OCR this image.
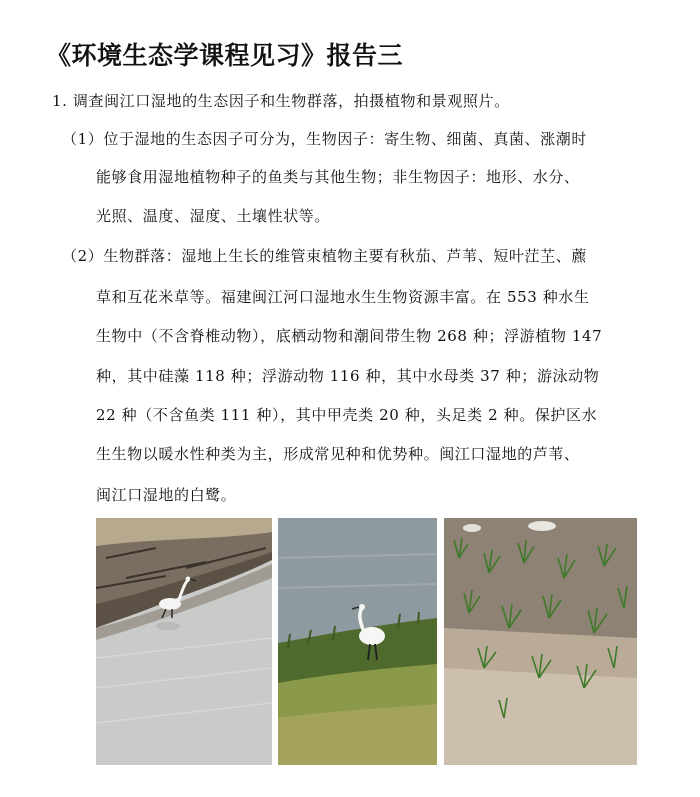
《环境生态学课程见习》报告三
1. 调查闽江口湿地的生态因子和生物群落，拍摄植物和景观照片。
（1）位于湿地的生态因子可分为，生物因子：寄生物、细菌、真菌、涨潮时
能够食用湿地植物种子的鱼类与其他生物；非生物因子：地形、水分、
光照、温度、湿度、土壤性状等。
（2）生物群落：湿地上生长的维管束植物主要有秋茄、芦苇、短叶茳芏、藨
草和互花米草等。福建闽江河口湿地水生生物资源丰富。在 553 种水生
生物中（不含脊椎动物），底栖动物和潮间带生物 268 种；浮游植物 147
种，其中硅藻 118 种；浮游动物 116 种，其中水母类 37 种；游泳动物
22 种（不含鱼类 111 种），其中甲壳类 20 种，头足类 2 种。保护区水
生生物以暖水性种类为主，形成常见种和优势种。闽江口湿地的芦苇、
闽江口湿地的白鹭。
